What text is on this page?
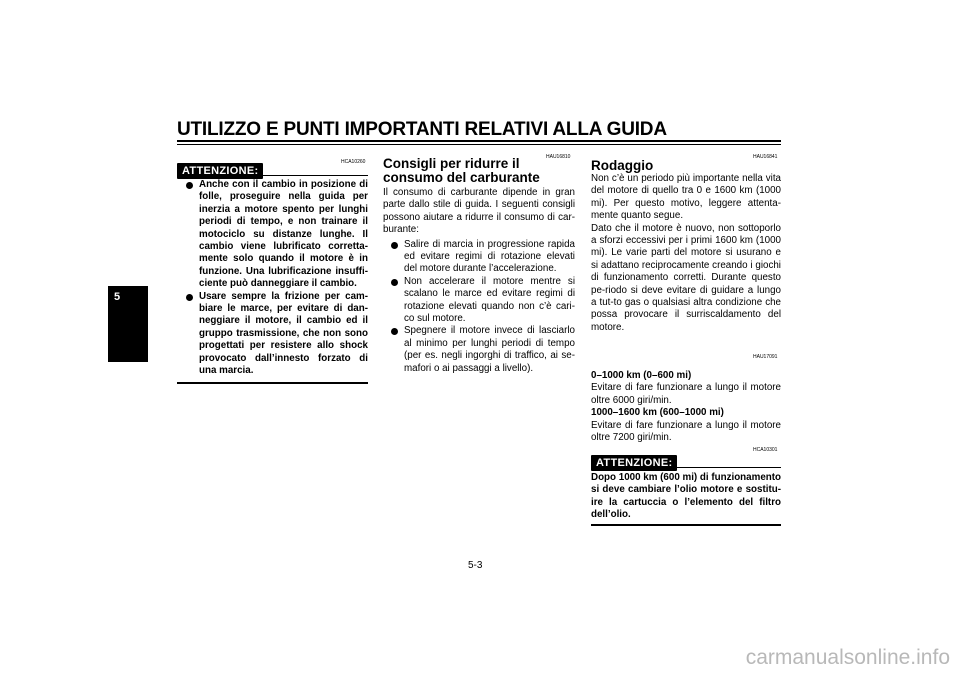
UTILIZZO E PUNTI IMPORTANTI RELATIVI ALLA GUIDA
5
HCA10260
ATTENZIONE:
Anche con il cambio in posizione di folle, proseguire nella guida per inerzia a motore spento per lunghi periodi di tempo, e non trainare il motociclo su distanze lunghe. Il cambio viene lubrificato corretta-mente solo quando il motore è in funzione. Una lubrificazione insuffi-ciente può danneggiare il cambio.
Usare sempre la frizione per cam-biare le marce, per evitare di dan-neggiare il motore, il cambio ed il gruppo trasmissione, che non sono progettati per resistere allo shock provocato dall’innesto forzato di una marcia.
HAU16810

Consigli per ridurre il consumo del carburante

Il consumo di carburante dipende in gran parte dallo stile di guida. I seguenti consigli possono aiutare a ridurre il consumo di car-burante:

Salire di marcia in progressione rapida ed evitare regimi di rotazione elevati del motore durante l’accelerazione.
Non accelerare il motore mentre si scalano le marce ed evitare regimi di rotazione elevati quando non c’è cari-co sul motore.
Spegnere il motore invece di lasciarlo al minimo per lunghi periodi di tempo (per es. negli ingorghi di traffico, ai se-mafori o ai passaggi a livello).
HAU16841

Rodaggio

Non c’è un periodo più importante nella vita del motore di quello tra 0 e 1600 km (1000 mi). Per questo motivo, leggere attenta-mente quanto segue.

Dato che il motore è nuovo, non sottoporlo a sforzi eccessivi per i primi 1600 km (1000 mi). Le varie parti del motore si usurano e si adattano reciprocamente creando i giochi di funzionamento corretti. Durante questo pe-riodo si deve evitare di guidare a lungo a tut-to gas o qualsiasi altra condizione che possa provocare il surriscaldamento del motore.

HAU17091

0–1000 km (0–600 mi)

Evitare di fare funzionare a lungo il motore oltre 6000 giri/min.

1000–1600 km (600–1000 mi)

Evitare di fare funzionare a lungo il motore oltre 7200 giri/min.

HCA10301
ATTENZIONE:

Dopo 1000 km (600 mi) di funzionamento si deve cambiare l’olio motore e sostitu-ire la cartuccia o l’elemento del filtro dell’olio.

5-3
carmanualsonline.info
